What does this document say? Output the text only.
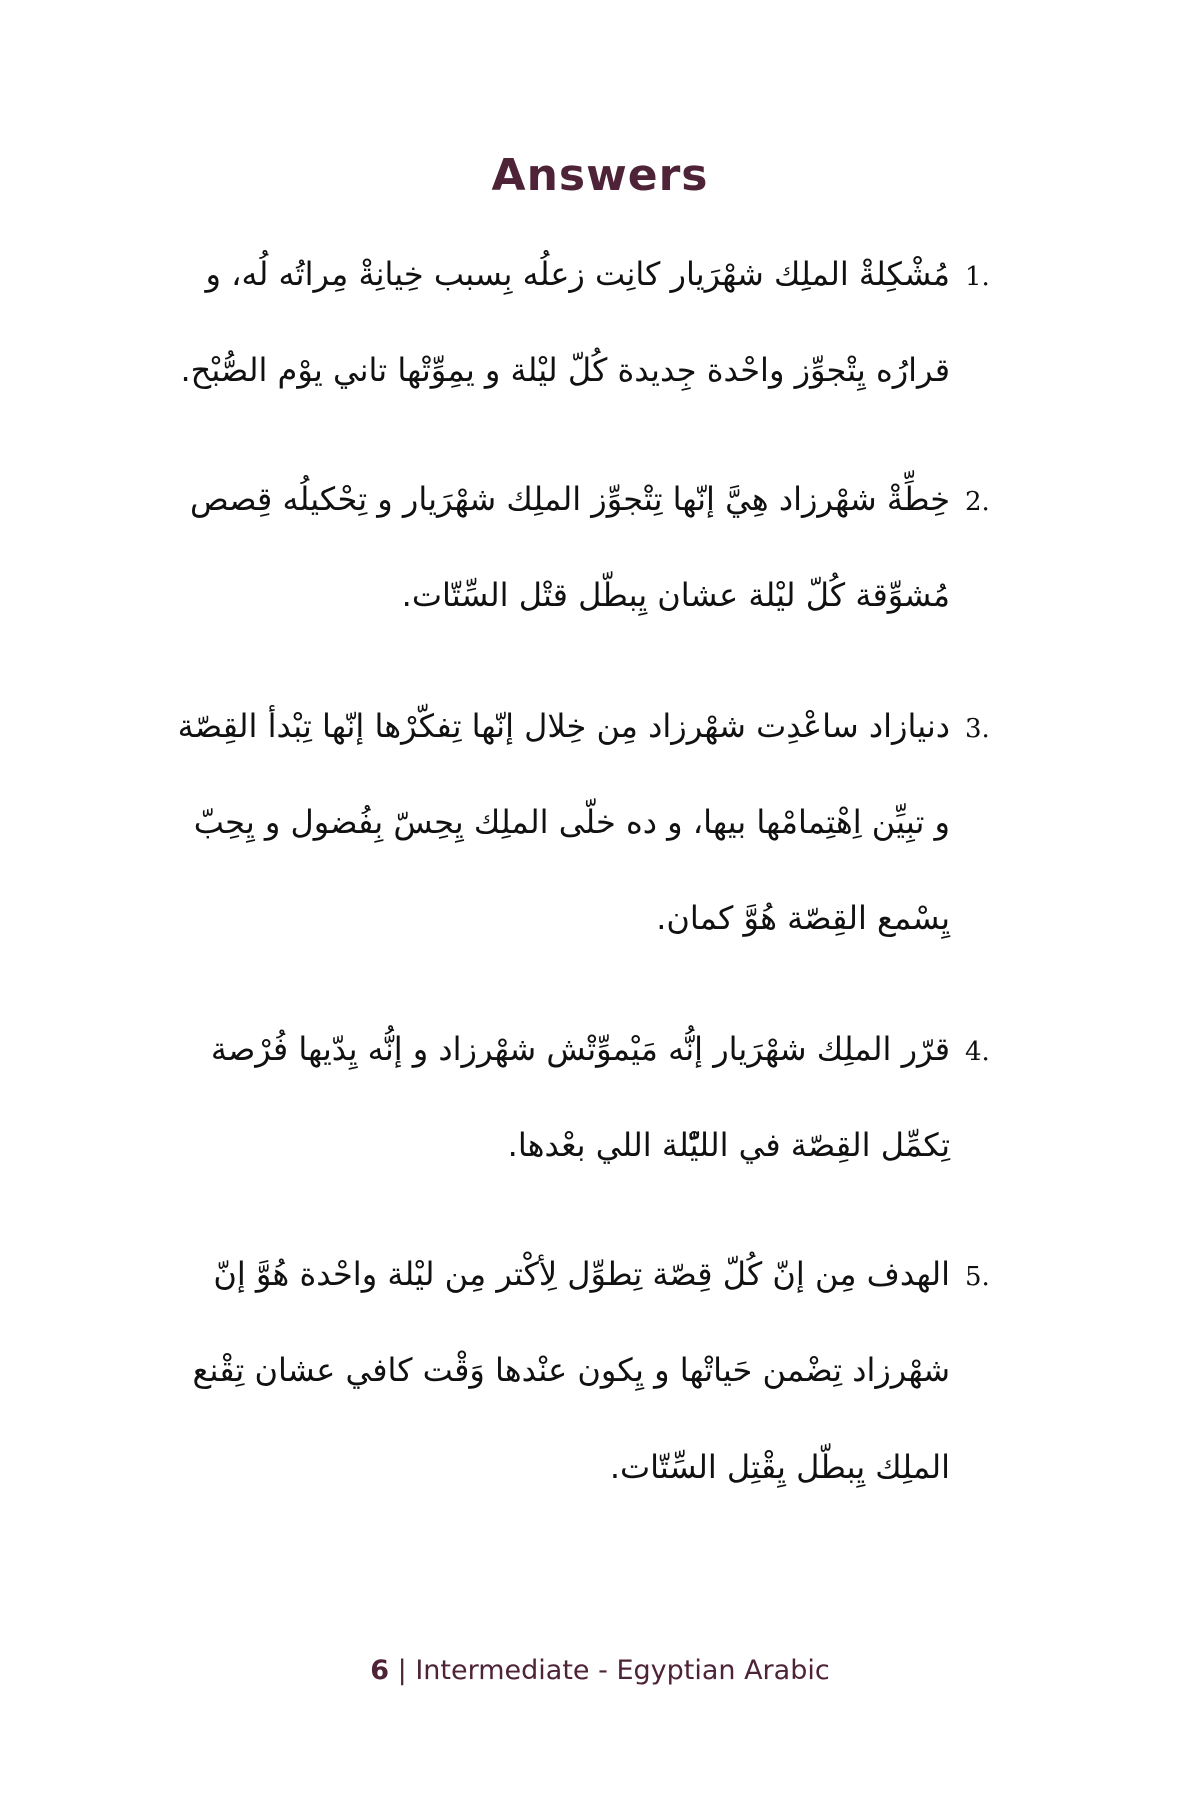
Answers
1.
مُشْكِلةْ الملِك شهْرَيار كانِت زعلُه بِسبب خِيانِةْ مِراتُه لُه، و
قرارُه يِتْجوِّز واحْدة جِديدة كُلّ ليْلة و يمِوِّتْها تاني يوْم الصُّبْح.
2.
خِطِّةْ شهْرزاد هِيَّ إنّها تِتْجوِّز الملِك شهْرَيار و تِحْكيلُه قِصص
مُشوِّقة كُلّ ليْلة عشان يِبطّل قتْل السِّتّات.
3.
دنيازاد ساعْدِت شهْرزاد مِن خِلال إنّها تِفكّرْها إنّها تِبْدأ القِصّة
و تبِيِّن اِهْتِمامْها بيها، و ده خلّى الملِك يِحِسّ بِفُضول و يِحِبّ
يِسْمع القِصّة هُوَّ كمان.
4.
قرّر الملِك شهْرَيار إنُّه مَيْموِّتْش شهْرزاد و إنُّه يِدّيها فُرْصة
تِكمِّل القِصّة في الليّْلة اللي بعْدها.
5.
الهدف مِن إنّ كُلّ قِصّة تِطوِّل لِأكْتر مِن ليْلة واحْدة هُوَّ إنّ
شهْرزاد تِضْمن حَياتْها و يِكون عنْدها وَقْت كافي عشان تِقْنع
الملِك يِبطّل يِقْتِل السِّتّات.
6 | Intermediate - Egyptian Arabic
